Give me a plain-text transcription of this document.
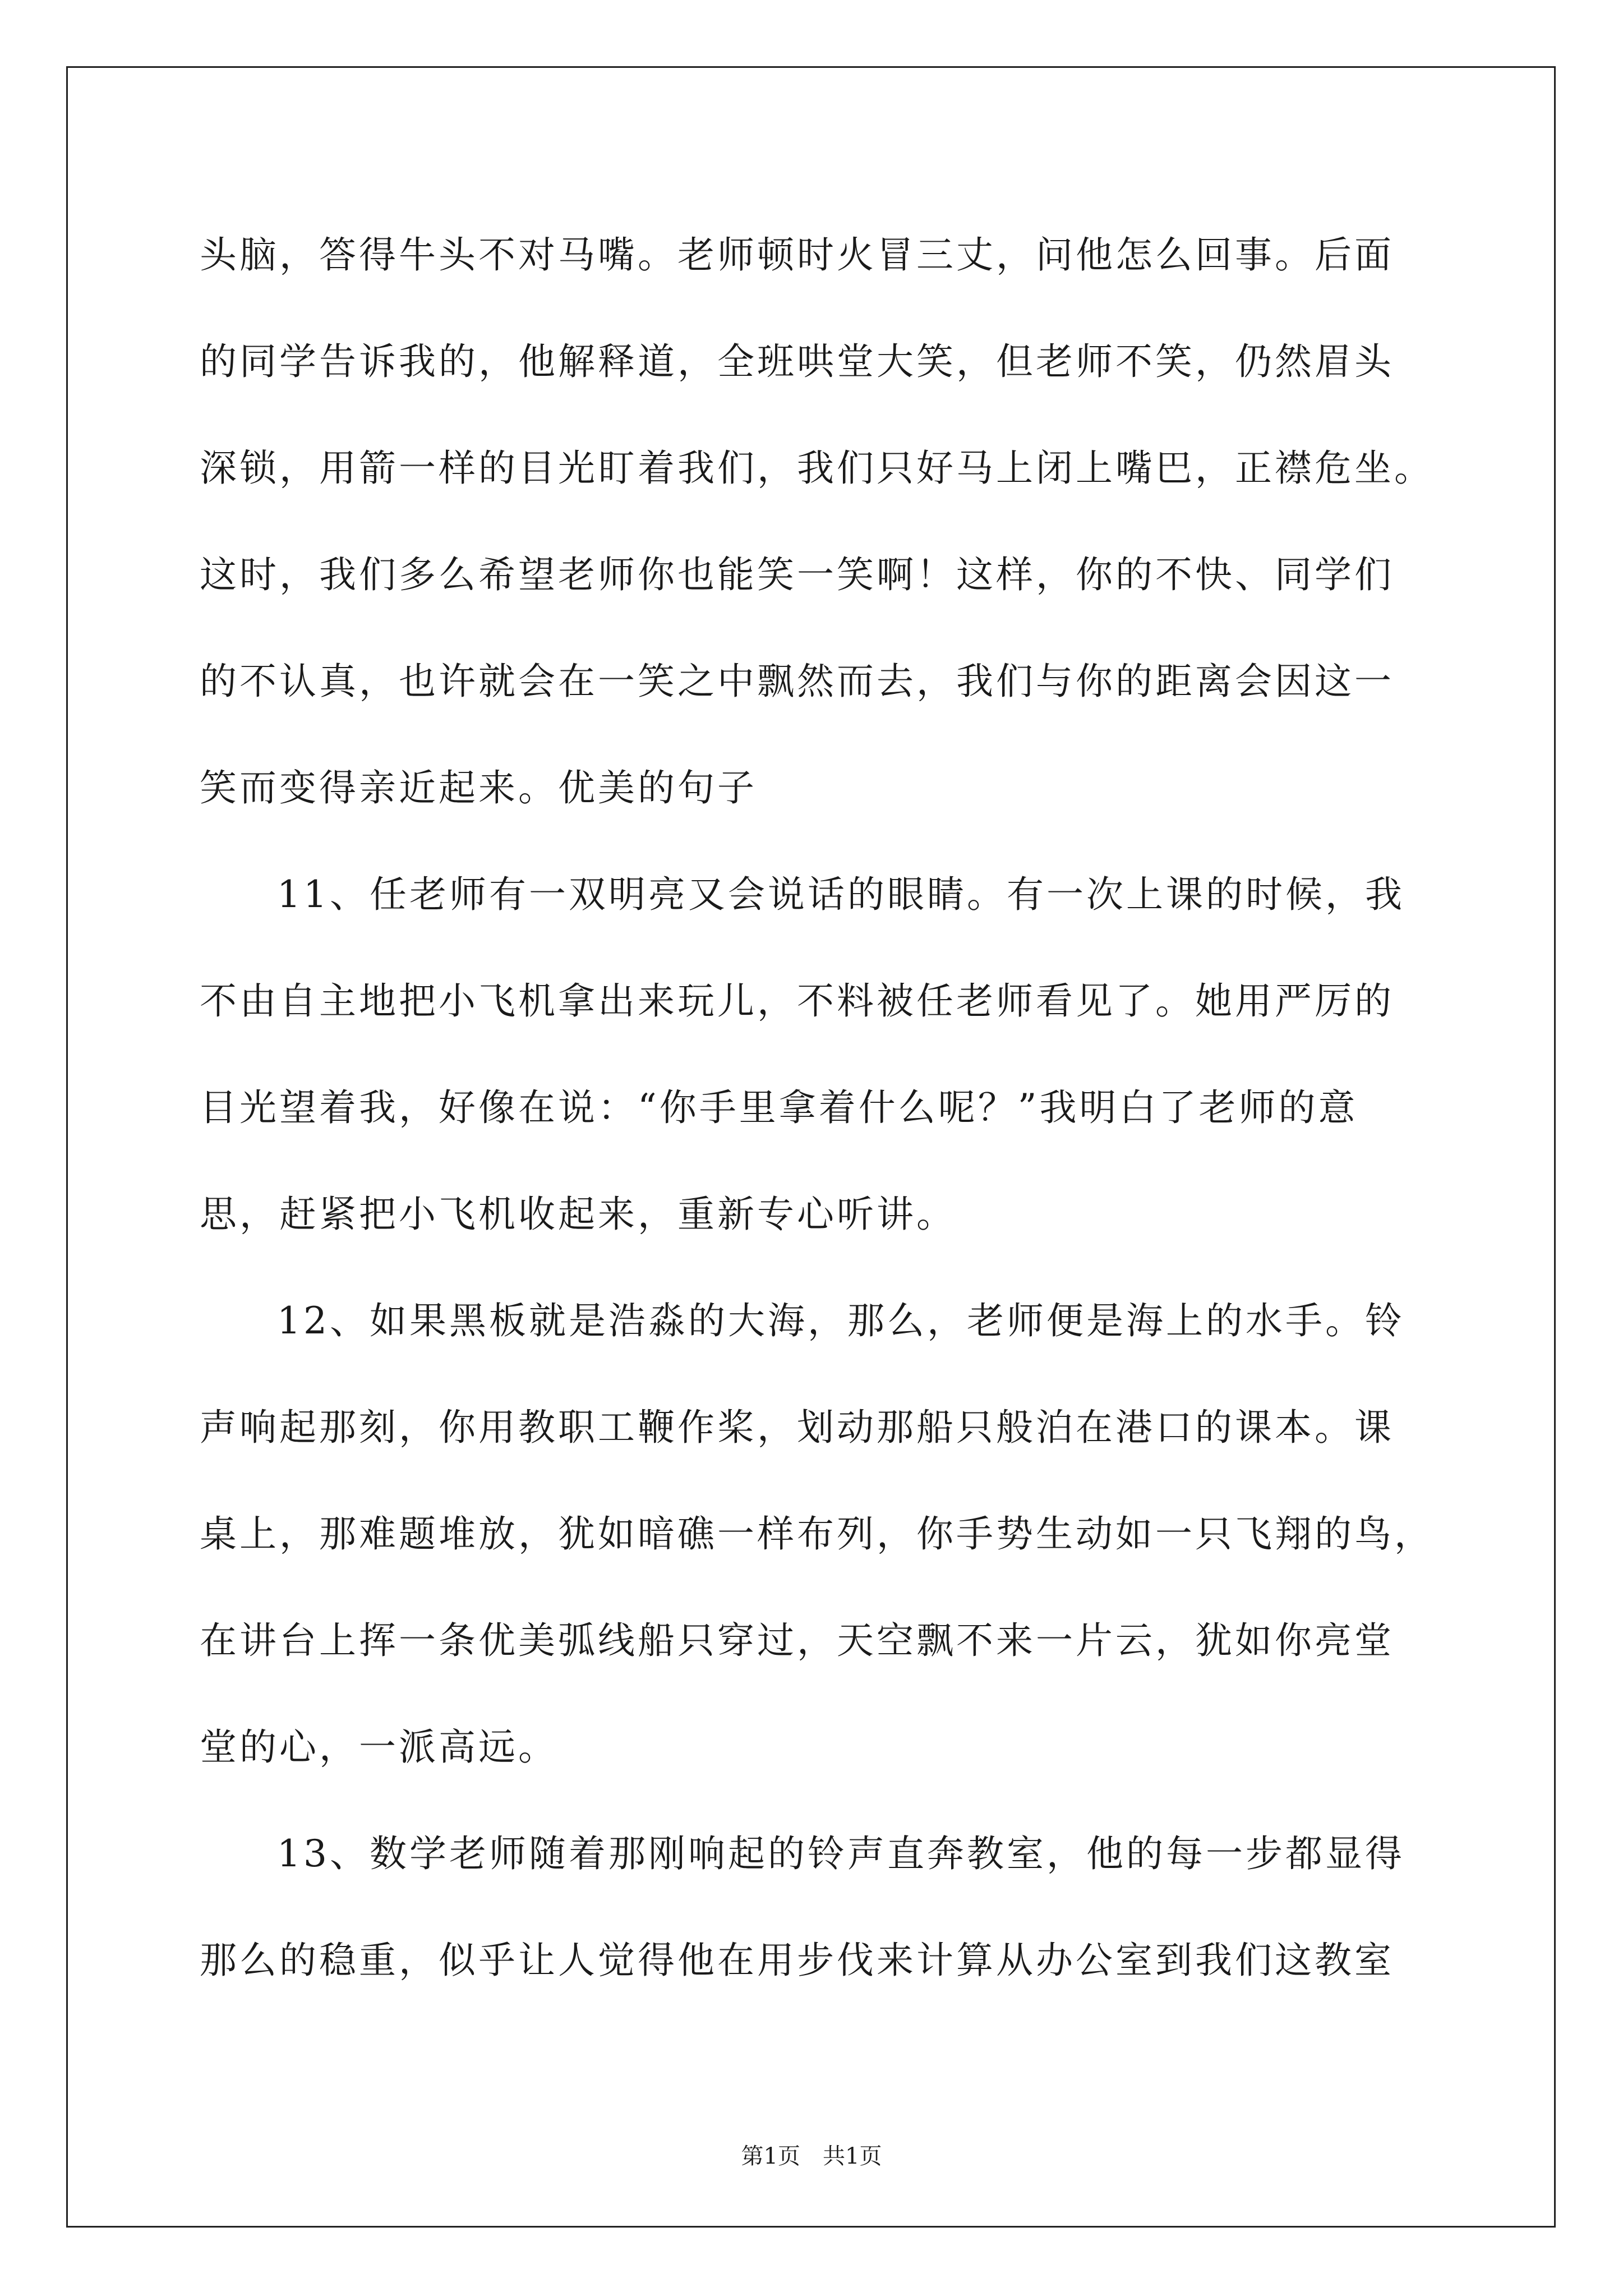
头脑，答得牛头不对马嘴。老师顿时火冒三丈，问他怎么回事。后面
的同学告诉我的，他解释道，全班哄堂大笑，但老师不笑，仍然眉头
深锁，用箭一样的目光盯着我们，我们只好马上闭上嘴巴，正襟危坐。
这时，我们多么希望老师你也能笑一笑啊！这样，你的不快、同学们
的不认真，也许就会在一笑之中飘然而去，我们与你的距离会因这一
笑而变得亲近起来。优美的句子
11、任老师有一双明亮又会说话的眼睛。有一次上课的时候，我
不由自主地把小飞机拿出来玩儿，不料被任老师看见了。她用严厉的
目光望着我，好像在说：“你手里拿着什么呢？”我明白了老师的意
思，赶紧把小飞机收起来，重新专心听讲。
12、如果黑板就是浩淼的大海，那么，老师便是海上的水手。铃
声响起那刻，你用教职工鞭作桨，划动那船只般泊在港口的课本。课
桌上，那难题堆放，犹如暗礁一样布列，你手势生动如一只飞翔的鸟，
在讲台上挥一条优美弧线船只穿过，天空飘不来一片云，犹如你亮堂
堂的心，一派高远。
13、数学老师随着那刚响起的铃声直奔教室，他的每一步都显得
那么的稳重，似乎让人觉得他在用步伐来计算从办公室到我们这教室
第1页　共1页
